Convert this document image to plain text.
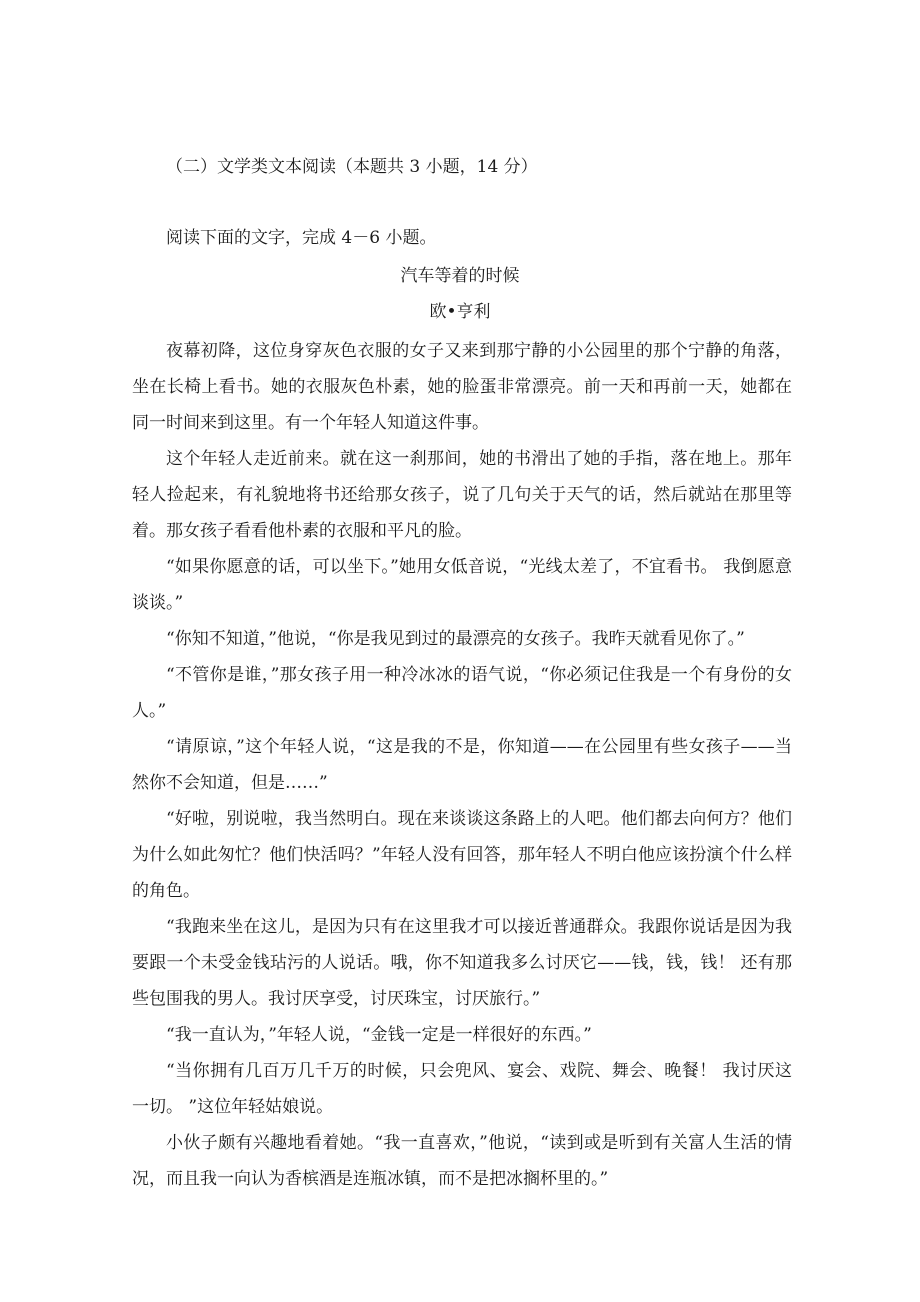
（二）文学类文本阅读（本题共 3 小题，14 分）
阅读下面的文字，完成 4－6 小题。
汽车等着的时候
欧•亨利
夜幕初降，这位身穿灰色衣服的女子又来到那宁静的小公园里的那个宁静的角落，坐在长椅上看书。她的衣服灰色朴素，她的脸蛋非常漂亮。前一天和再前一天，她都在同一时间来到这里。有一个年轻人知道这件事。
这个年轻人走近前来。就在这一刹那间，她的书滑出了她的手指，落在地上。那年轻人捡起来，有礼貌地将书还给那女孩子，说了几句关于天气的话，然后就站在那里等着。 那女孩子看看他朴素的衣服和平凡的脸。
“如果你愿意的话，可以坐下。”她用女低音说，“光线太差了，不宜看书。 我倒愿意谈谈。”
“你知不知道，”他说，“你是我见到过的最漂亮的女孩子。我昨天就看见你了。”
“不管你是谁，”那女孩子用一种冷冰冰的语气说，“你必须记住我是一个有身份的女人。”
“请原谅，”这个年轻人说，“这是我的不是，你知道——在公园里有些女孩子——当然你不会知道，但是……”
“好啦，别说啦，我当然明白。现在来谈谈这条路上的人吧。他们都去向何方？他们为什么如此匆忙？他们快活吗？”年轻人没有回答，那年轻人不明白他应该扮演个什么样的角色。
“我跑来坐在这儿，是因为只有在这里我才可以接近普通群众。我跟你说话是因为我要跟一个未受金钱玷污的人说话。哦，你不知道我多么讨厌它——钱，钱，钱！ 还有那些包围我的男人。我讨厌享受，讨厌珠宝，讨厌旅行。”
“我一直认为，”年轻人说，“金钱一定是一样很好的东西。”
“当你拥有几百万几千万的时候，只会兜风、宴会、戏院、舞会、晚餐！ 我讨厌这一切。 ”这位年轻姑娘说。
小伙子颇有兴趣地看着她。“我一直喜欢，”他说，“读到或是听到有关富人生活的情况，而且我一向认为香槟酒是连瓶冰镇，而不是把冰搁杯里的。”
